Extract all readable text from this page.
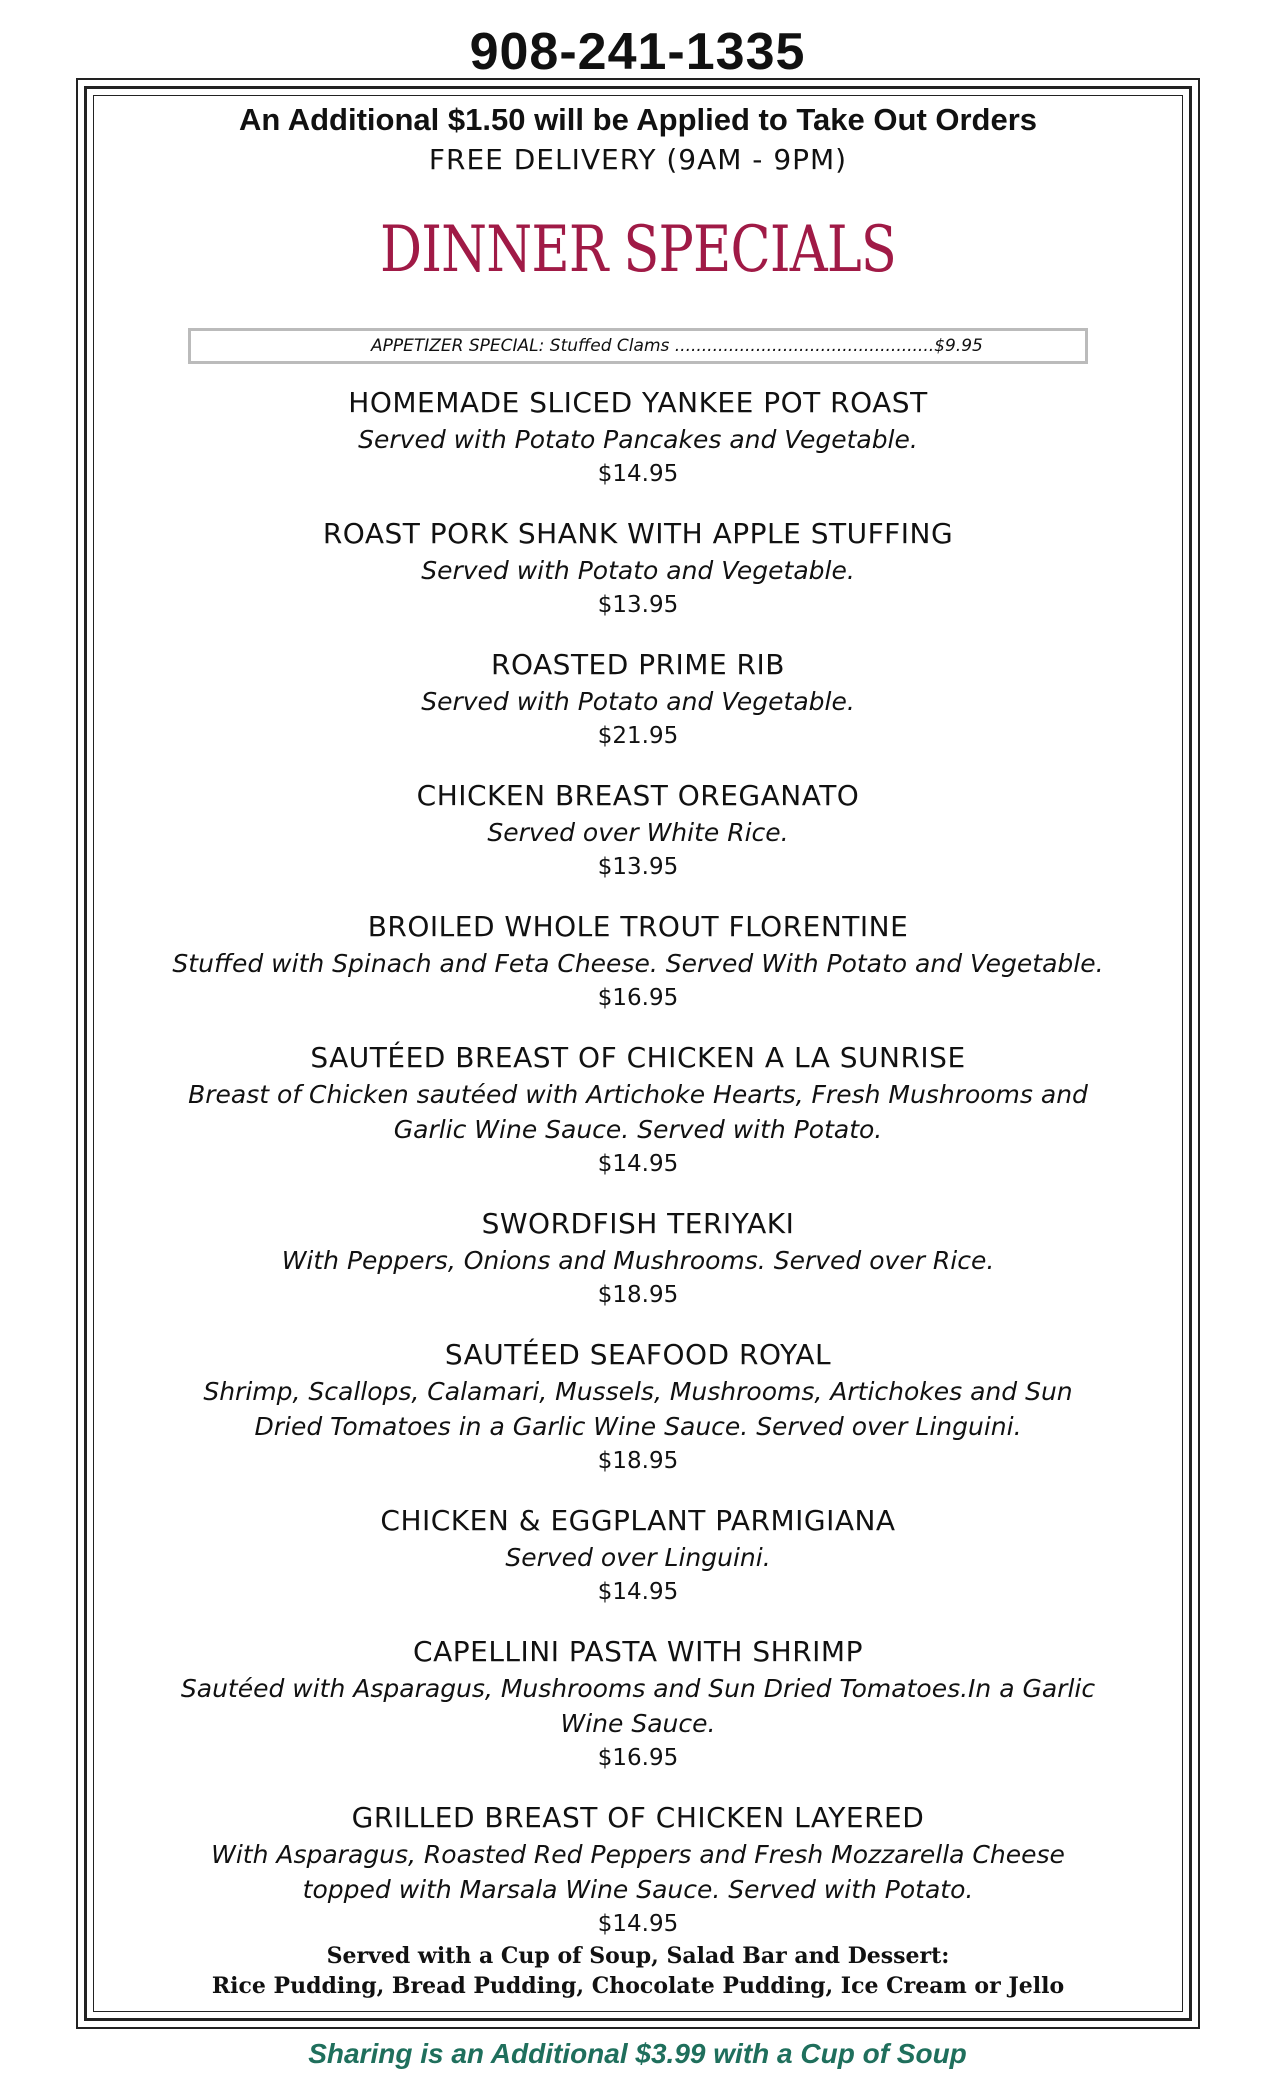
908-241-1335
An Additional $1.50 will be Applied to Take Out Orders
FREE DELIVERY (9AM - 9PM)
DINNER SPECIALS
APPETIZER SPECIAL: Stuffed Clams ................................................$9.95
HOMEMADE SLICED YANKEE POT ROAST
Served with Potato Pancakes and Vegetable.
$14.95
ROAST PORK SHANK WITH APPLE STUFFING
Served with Potato and Vegetable.
$13.95
ROASTED PRIME RIB
Served with Potato and Vegetable.
$21.95
CHICKEN BREAST OREGANATO
Served over White Rice.
$13.95
BROILED WHOLE TROUT FLORENTINE
Stuffed with Spinach and Feta Cheese. Served With Potato and Vegetable.
$16.95
SAUTÉED BREAST OF CHICKEN A LA SUNRISE
Breast of Chicken sautéed with Artichoke Hearts, Fresh Mushrooms and Garlic Wine Sauce. Served with Potato.
$14.95
SWORDFISH TERIYAKI
With Peppers, Onions and Mushrooms. Served over Rice.
$18.95
SAUTÉED SEAFOOD ROYAL
Shrimp, Scallops, Calamari, Mussels, Mushrooms, Artichokes and Sun Dried Tomatoes in a Garlic Wine Sauce. Served over Linguini.
$18.95
CHICKEN & EGGPLANT PARMIGIANA
Served over Linguini.
$14.95
CAPELLINI PASTA WITH SHRIMP
Sautéed with Asparagus, Mushrooms and Sun Dried Tomatoes.In a Garlic Wine Sauce.
$16.95
GRILLED BREAST OF CHICKEN LAYERED
With Asparagus, Roasted Red Peppers and Fresh Mozzarella Cheese topped with Marsala Wine Sauce. Served with Potato.
$14.95
Served with a Cup of Soup, Salad Bar and Dessert:
Rice Pudding, Bread Pudding, Chocolate Pudding, Ice Cream or Jello
Sharing is an Additional $3.99 with a Cup of Soup
